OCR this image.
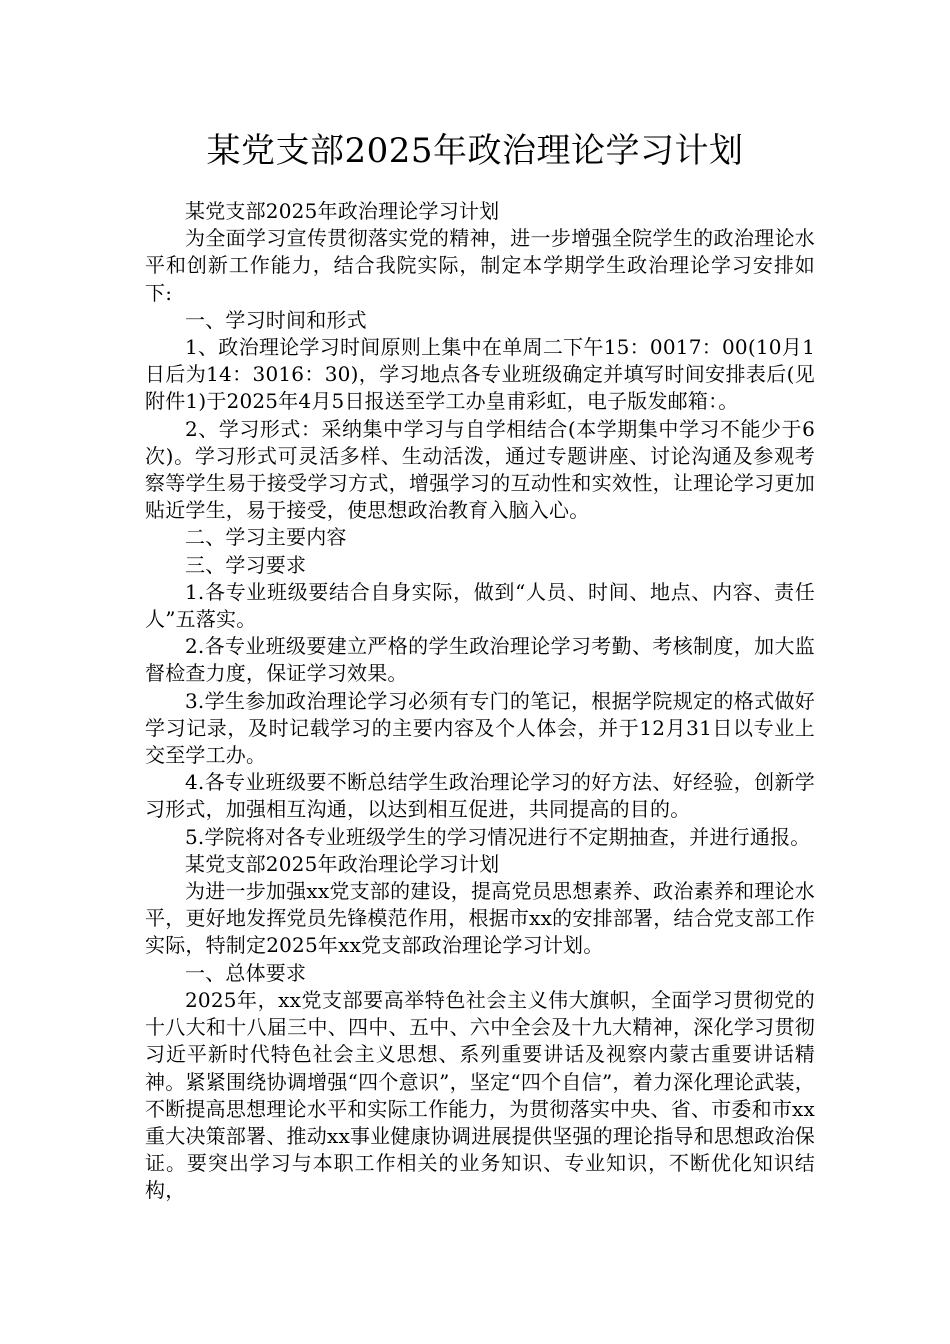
某党支部2025年政治理论学习计划

某党支部2025年政治理论学习计划

为全面学习宣传贯彻落实党的精神，进一步增强全院学生的政治理论水平和创新工作能力，结合我院实际，制定本学期学生政治理论学习安排如下:

一、学习时间和形式

1、政治理论学习时间原则上集中在单周二下午15：0017：00(10月1日后为14：3016：30)，学习地点各专业班级确定并填写时间安排表后(见附件1)于2025年4月5日报送至学工办皇甫彩虹，电子版发邮箱：。

2、学习形式：采纳集中学习与自学相结合(本学期集中学习不能少于6次)。学习形式可灵活多样、生动活泼，通过专题讲座、讨论沟通及参观考察等学生易于接受学习方式，增强学习的互动性和实效性，让理论学习更加贴近学生，易于接受，使思想政治教育入脑入心。

二、学习主要内容

三、学习要求

1.各专业班级要结合自身实际，做到“人员、时间、地点、内容、责任人”五落实。

2.各专业班级要建立严格的学生政治理论学习考勤、考核制度，加大监督检查力度，保证学习效果。

3.学生参加政治理论学习必须有专门的笔记，根据学院规定的格式做好学习记录，及时记载学习的主要内容及个人体会，并于12月31日以专业上交至学工办。

4.各专业班级要不断总结学生政治理论学习的好方法、好经验，创新学习形式，加强相互沟通，以达到相互促进，共同提高的目的。

5.学院将对各专业班级学生的学习情况进行不定期抽查，并进行通报。

某党支部2025年政治理论学习计划

为进一步加强xx党支部的建设，提高党员思想素养、政治素养和理论水平，更好地发挥党员先锋模范作用，根据市xx的安排部署，结合党支部工作实际，特制定2025年xx党支部政治理论学习计划。

一、总体要求

2025年，xx党支部要高举特色社会主义伟大旗帜，全面学习贯彻党的十八大和十八届三中、四中、五中、六中全会及十九大精神，深化学习贯彻习近平新时代特色社会主义思想、系列重要讲话及视察内蒙古重要讲话精神。紧紧围绕协调增强“四个意识”，坚定“四个自信”，着力深化理论武装，不断提高思想理论水平和实际工作能力，为贯彻落实中央、省、市委和市xx重大决策部署、推动xx事业健康协调进展提供坚强的理论指导和思想政治保证。要突出学习与本职工作相关的业务知识、专业知识，不断优化知识结构，
